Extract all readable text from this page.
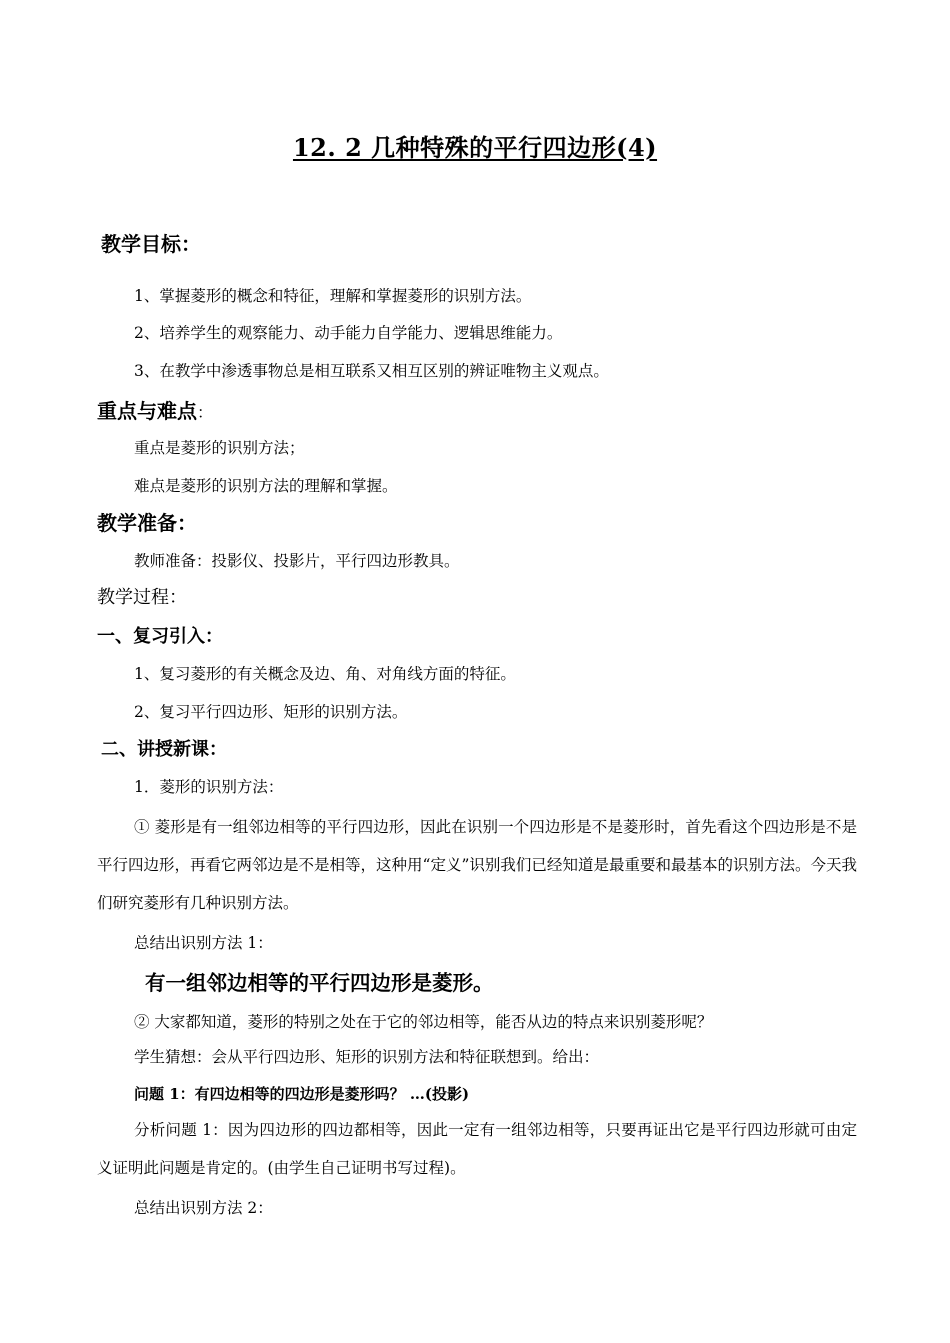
12. 2 几种特殊的平行四边形(4)
教学目标：
1、掌握菱形的概念和特征，理解和掌握菱形的识别方法。
2、培养学生的观察能力、动手能力自学能力、逻辑思维能力。
3、在教学中渗透事物总是相互联系又相互区别的辨证唯物主义观点。
重点与难点：
重点是菱形的识别方法；
难点是菱形的识别方法的理解和掌握。
教学准备：
教师准备：投影仪、投影片，平行四边形教具。
教学过程：
一、复习引入：
1、复习菱形的有关概念及边、角、对角线方面的特征。
2、复习平行四边形、矩形的识别方法。
二、讲授新课：
1．菱形的识别方法：
① 菱形是有一组邻边相等的平行四边形，因此在识别一个四边形是不是菱形时，首先看这个四边形是不是平行四边形，再看它两邻边是不是相等，这种用“定义”识别我们已经知道是最重要和最基本的识别方法。今天我们研究菱形有几种识别方法。
总结出识别方法 1：
有一组邻边相等的平行四边形是菱形。
② 大家都知道，菱形的特别之处在于它的邻边相等，能否从边的特点来识别菱形呢？
学生猜想：会从平行四边形、矩形的识别方法和特征联想到。给出：
问题 1：有四边相等的四边形是菱形吗？ …(投影)
分析问题 1：因为四边形的四边都相等，因此一定有一组邻边相等，只要再证出它是平行四边形就可由定义证明此问题是肯定的。(由学生自己证明书写过程)。
总结出识别方法 2：
